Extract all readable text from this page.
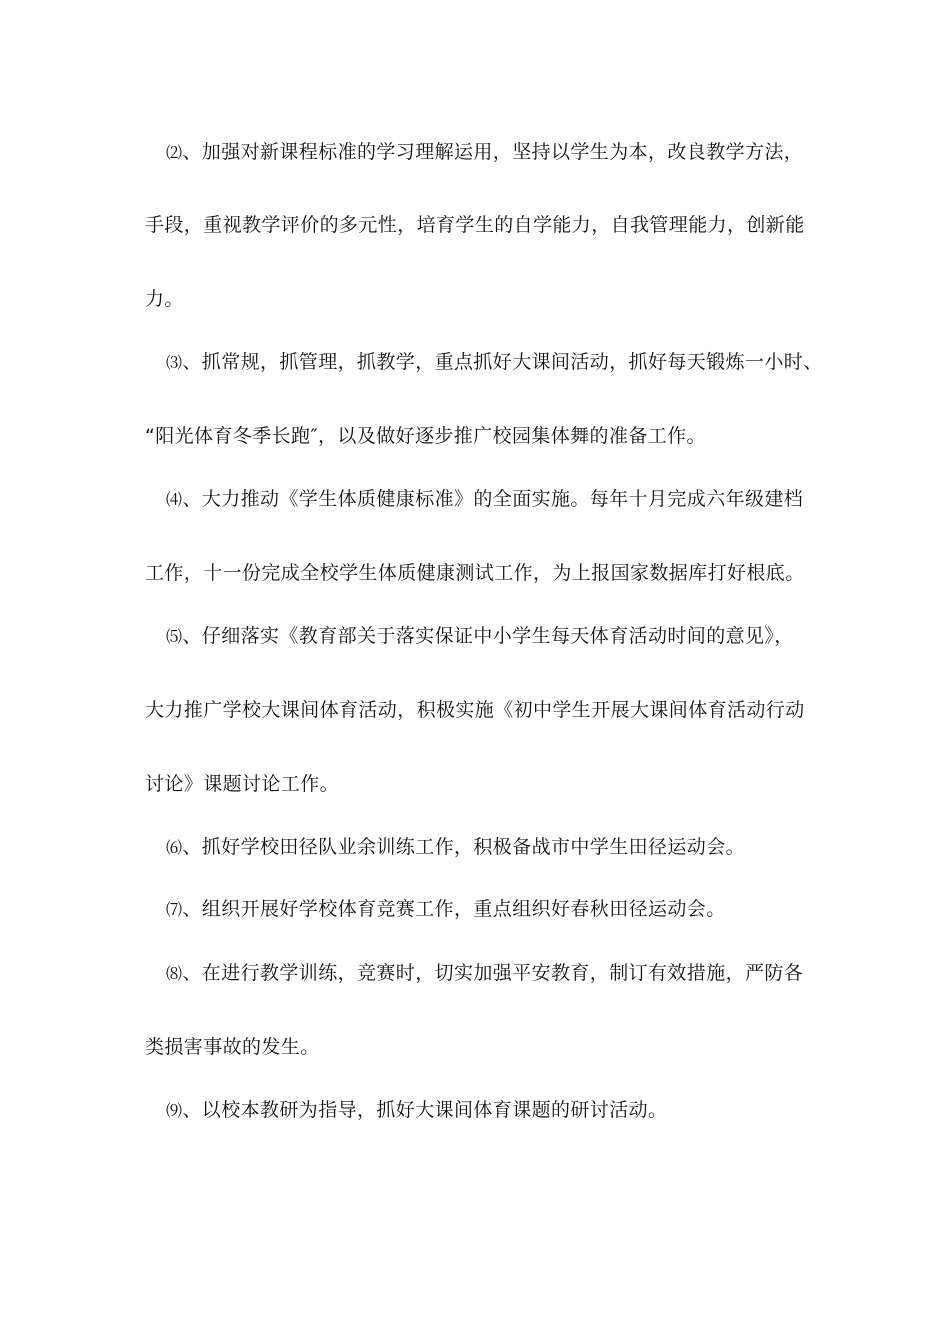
⑵、加强对新课程标准的学习理解运用，坚持以学生为本，改良教学方法，
手段，重视教学评价的多元性，培育学生的自学能力，自我管理能力，创新能
力。
⑶、抓常规，抓管理，抓教学，重点抓好大课间活动，抓好每天锻炼一小时、
“阳光体育冬季长跑″，以及做好逐步推广校园集体舞的准备工作。
⑷、大力推动《学生体质健康标准》的全面实施。每年十月完成六年级建档
工作，十一份完成全校学生体质健康测试工作，为上报国家数据库打好根底。
⑸、仔细落实《教育部关于落实保证中小学生每天体育活动时间的意见》，
大力推广学校大课间体育活动，积极实施《初中学生开展大课间体育活动行动
讨论》课题讨论工作。
⑹、抓好学校田径队业余训练工作，积极备战市中学生田径运动会。
⑺、组织开展好学校体育竞赛工作，重点组织好春秋田径运动会。
⑻、在进行教学训练，竞赛时，切实加强平安教育，制订有效措施，严防各
类损害事故的发生。
⑼、以校本教研为指导，抓好大课间体育课题的研讨活动。
